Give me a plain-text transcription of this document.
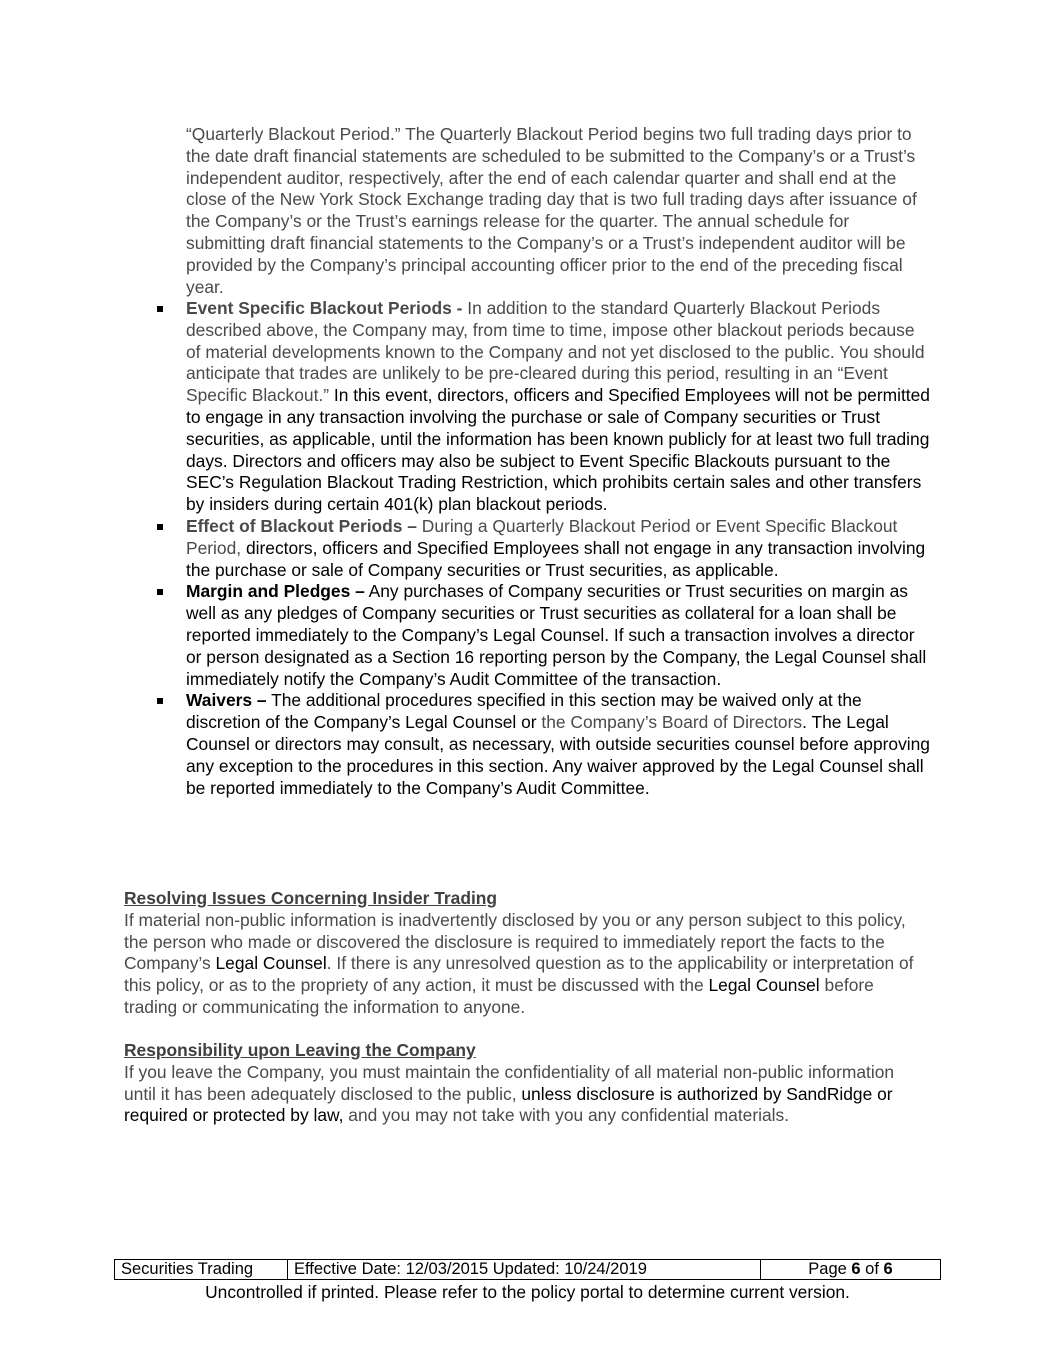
“Quarterly Blackout Period.” The Quarterly Blackout Period begins two full trading days prior to the date draft financial statements are scheduled to be submitted to the Company’s or a Trust’s independent auditor, respectively, after the end of each calendar quarter and shall end at the close of the New York Stock Exchange trading day that is two full trading days after issuance of the Company’s or the Trust’s earnings release for the quarter. The annual schedule for submitting draft financial statements to the Company’s or a Trust’s independent auditor will be provided by the Company’s principal accounting officer prior to the end of the preceding fiscal year.

Event Specific Blackout Periods - In addition to the standard Quarterly Blackout Periods described above, the Company may, from time to time, impose other blackout periods because of material developments known to the Company and not yet disclosed to the public. You should anticipate that trades are unlikely to be pre-cleared during this period, resulting in an “Event Specific Blackout.” In this event, directors, officers and Specified Employees will not be permitted to engage in any transaction involving the purchase or sale of Company securities or Trust securities, as applicable, until the information has been known publicly for at least two full trading days. Directors and officers may also be subject to Event Specific Blackouts pursuant to the SEC’s Regulation Blackout Trading Restriction, which prohibits certain sales and other transfers by insiders during certain 401(k) plan blackout periods.
Effect of Blackout Periods – During a Quarterly Blackout Period or Event Specific Blackout Period, directors, officers and Specified Employees shall not engage in any transaction involving the purchase or sale of Company securities or Trust securities, as applicable.
Margin and Pledges – Any purchases of Company securities or Trust securities on margin as well as any pledges of Company securities or Trust securities as collateral for a loan shall be reported immediately to the Company’s Legal Counsel. If such a transaction involves a director or person designated as a Section 16 reporting person by the Company, the Legal Counsel shall immediately notify the Company’s Audit Committee of the transaction.
Waivers – The additional procedures specified in this section may be waived only at the discretion of the Company’s Legal Counsel or the Company’s Board of Directors. The Legal Counsel or directors may consult, as necessary, with outside securities counsel before approving any exception to the procedures in this section. Any waiver approved by the Legal Counsel shall be reported immediately to the Company’s Audit Committee.
Resolving Issues Concerning Insider Trading

If material non-public information is inadvertently disclosed by you or any person subject to this policy, the person who made or discovered the disclosure is required to immediately report the facts to the Company’s Legal Counsel. If there is any unresolved question as to the applicability or interpretation of this policy, or as to the propriety of any action, it must be discussed with the Legal Counsel before trading or communicating the information to anyone.

Responsibility upon Leaving the Company

If you leave the Company, you must maintain the confidentiality of all material non-public information until it has been adequately disclosed to the public, unless disclosure is authorized by SandRidge or required or protected by law, and you may not take with you any confidential materials.

Securities Trading	Effective Date: 12/03/2015 Updated: 10/24/2019	Page 6 of 6
Uncontrolled if printed. Please refer to the policy portal to determine current version.
